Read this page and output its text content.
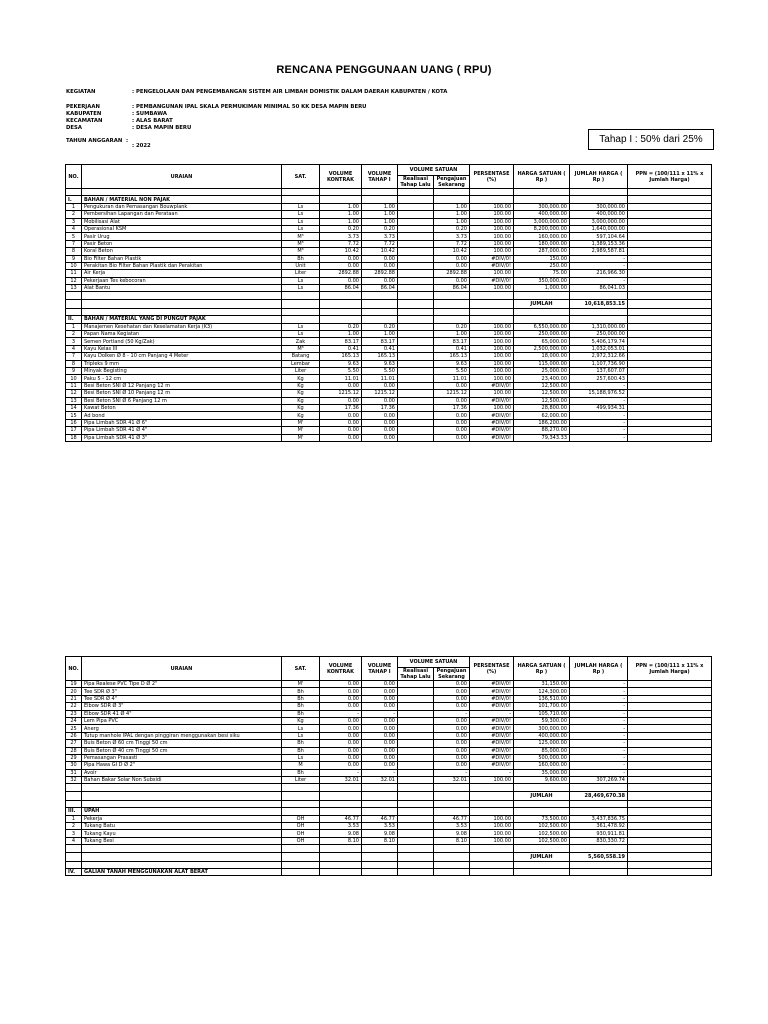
RENCANA PENGGUNAAN UANG ( RPU)
KEGIATAN	: PENGELOLAAN DAN PENGEMBANGAN SISTEM AIR LIMBAH DOMISTIK DALAM DAERAH KABUPATEN / KOTA
PEKERJAAN	: PEMBANGUNAN IPAL SKALA PERMUKIMAN MINIMAL 50 KK DESA MAPIN BERU
KABUPATEN	: SUMBAWA
KECAMATAN	: ALAS BARAT
DESA	: DESA MAPIN BERU
TAHUN ANGGARAN :
: 2022
Tahap I : 50% dari 25%
NO.	URAIAN	SAT.	VOLUME KONTRAK	VOLUME TAHAP I	VOLUME SATUAN		PERSENTASE (%)	HARGA SATUAN ( Rp )	JUMLAH HARGA ( Rp )	PPN = (100/111 x 11% x Jumlah Harga)
					Realisasi Tahap Lalu	Pengajuan Sekarang				

I.	BAHAN / MATERIAL NON PAJAK									
1	Pengukuran dan Pemasangan Bouwplank	Ls	1.00	1.00		1.00	100.00	300,000.00	300,000.00	
2	Pembersihan Lapangan dan Perataan	Ls	1.00	1.00		1.00	100.00	400,000.00	400,000.00	
3	Mobilisasi Alat	Ls	1.00	1.00		1.00	100.00	3,000,000.00	3,000,000.00	
4	Operasional KSM	Ls	0.20	0.20		0.20	100.00	8,200,000.00	1,640,000.00	
5	Pasir Urug	M³	3.73	3.73		3.73	100.00	160,000.00	597,104.64	
7	Pasir Beton	M³	7.72	7.72		7.72	100.00	180,000.00	1,389,153.36	
8	Koral Beton	M³	10.42	10.42		10.42	100.00	287,000.00	2,989,587.81	
9	Bio Filter Bahan Plastik	Bh	0.00	0.00		0.00	#DIV/0!	150.00	-	
10	Perakitan Bio Filter Bahan Plastik dan Perakitan	Unit	0.00	0.00		0.00	#DIV/0!	250.00	-	
11	Air Kerja	Liter	2892.88	2892.88		2892.88	100.00	75.00	216,966.30	
12	Pekerjaan Tes kebocoran	Ls	0.00	0.00		0.00	#DIV/0!	350,000.00	-	
13	Alat Bantu	Ls	86.04	86.04		86.04	100.00	1,000.00	86,041.03	

								JUMLAH	10,618,853.15	

II.	BAHAN / MATERIAL YANG DI PUNGUT PAJAK									
1	Manajemen Kesehatan dan Keselamatan Kerja (K3)	Ls	0.20	0.20		0.20	100.00	6,550,000.00	1,310,000.00	
2	Papan Nama Kegiatan	Ls	1.00	1.00		1.00	100.00	250,000.00	250,000.00	
3	Semen Portland (50 Kg/Zak)	Zak	83.17	83.17		83.17	100.00	65,000.00	5,406,179.74	
4	Kayu Kelas III	M³	0.41	0.41		0.41	100.00	2,500,000.00	1,032,053.01	
7	Kayu Dolken Ø 8 - 10 cm Panjang 4 Meter	Batang	165.13	165.13		165.13	100.00	18,000.00	2,972,312.66	
8	Tripleks 9 mm	Lembar	9.63	9.63		9.63	100.00	115,000.00	1,107,736.90	
9	Minyak Begisting	Liter	5.50	5.50		5.50	100.00	25,000.00	137,607.07	
10	Paku 5 - 12 cm	Kg	11.01	11.01		11.01	100.00	23,400.00	257,600.43	
11	Besi Beton SNI Ø 12 Panjang 12 m	Kg	0.00	0.00		0.00	#DIV/0!	12,500.00	-	
12	Besi Beton SNI Ø 10 Panjang 12 m	Kg	1215.12	1215.12		1215.12	100.00	12,500.00	15,188,976.52	
13	Besi Beton SNI Ø 6 Panjang 12 m	Kg	0.00	0.00		0.00	#DIV/0!	12,500.00	-	
14	Kawat Beton	Kg	17.36	17.36		17.36	100.00	28,800.00	499,934.31	
15	Ad bond	Kg	0.00	0.00		0.00	#DIV/0!	62,000.00	-	
16	Pipa Limbah SDR 41 Ø 6"	M'	0.00	0.00		0.00	#DIV/0!	186,200.00	-	
17	Pipa Limbah SDR 41 Ø 4"	M'	0.00	0.00		0.00	#DIV/0!	88,270.00	-	
18	Pipa Limbah SDR 41 Ø 3"	M'	0.00	0.00		0.00	#DIV/0!	79,343.33	-	
NO.	URAIAN	SAT.	VOLUME KONTRAK	VOLUME TAHAP I	VOLUME SATUAN		PERSENTASE (%)	HARGA SATUAN ( Rp )	JUMLAH HARGA ( Rp )	PPN = (100/111 x 11% x Jumlah Harga)
					Realisasi Tahap Lalu	Pengajuan Sekarang				
19	Pipa Realese PVC Tipe D Ø 2"	M'	0.00	0.00		0.00	#DIV/0!	31,150.00	-	
20	Tee SDR Ø 3"	Bh	0.00	0.00		0.00	#DIV/0!	124,300.00	-	
21	Tee SDR Ø 4"	Bh	0.00	0.00		0.00	#DIV/0!	136,510.00	-	
22	Elbow SDR Ø 3"	Bh	0.00	0.00		0.00	#DIV/0!	101,700.00	-	
23	Elbow SDR 41 Ø 4"	Bh	-	-		-	-	105,710.00	-	
24	Lem Pipa PVC	Kg	0.00	0.00		0.00	#DIV/0!	59,300.00	-	
25	Anerg	Ls	0.00	0.00		0.00	#DIV/0!	300,000.00	-	
26	Tutup manhole IPAL dengan pinggiran menggunakan besi siku	Ls	0.00	0.00		0.00	#DIV/0!	400,000.00	-	
27	Buis Beton Ø 60 cm Tinggi 50 cm	Bh	0.00	0.00		0.00	#DIV/0!	125,000.00	-	
28	Buis Beton Ø 40 cm Tinggi 50 cm	Bh	0.00	0.00		0.00	#DIV/0!	85,000.00	-	
29	Pemasangan Prasasti	Ls	0.00	0.00		0.00	#DIV/0!	500,000.00	-	
30	Pipa Hawa GI D Ø 2"	M	0.00	0.00		0.00	#DIV/0!	160,000.00	-	
31	Avoir	Bh	-	-		-	-	35,000.00	-	
32	Bahan Bakar Solar Non Subsidi	Liter	32.01	32.01		32.01	100.00	9,600.00	307,269.74	

								JUMLAH	28,469,670.38	

III.	UPAH									
1	Pekerja	OH	46.77	46.77		46.77	100.00	73,500.00	3,437,836.75	
2	Tukang Batu	OH	3.53	3.53		3.53	100.00	102,500.00	361,478.92	
3	Tukang Kayu	OH	9.08	9.08		9.08	100.00	102,500.00	930,911.81	
4	Tukang Besi	OH	8.10	8.10		8.10	100.00	102,500.00	830,330.72	

								JUMLAH	5,560,558.19	

IV.	GALIAN TANAH MENGGUNAKAN ALAT BERAT									
